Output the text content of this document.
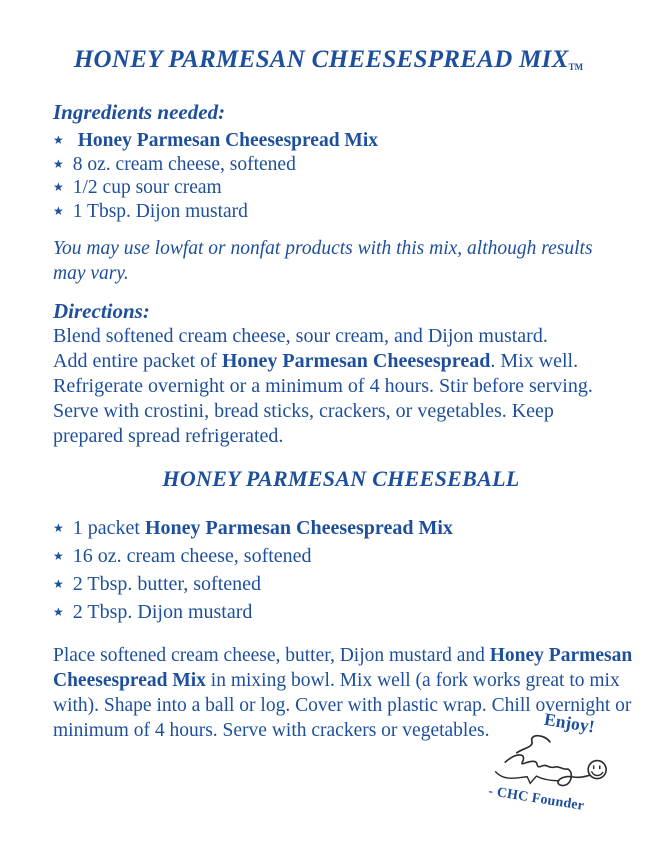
HONEY PARMESAN CHEESESPREAD $MIX_{TM}$
Ingredients needed:
★ Honey Parmesan Cheesespread Mix
★ 8 oz. cream cheese, softened
★ 1/2 cup sour cream
★ 1 Tbsp. Dijon mustard
You may use lowfat or nonfat products with this mix, although results
may vary.
Directions:
Blend softened cream cheese, sour cream, and Dijon mustard.
Add entire packet of Honey Parmesan Cheesespread. Mix well.
Refrigerate overnight or a minimum of 4 hours. Stir before serving.
Serve with crostini, bread sticks, crackers, or vegetables. Keep
prepared spread refrigerated.
HONEY PARMESAN CHEESEBALL
★ 1 packet Honey Parmesan Cheesespread Mix
★ 16 oz. cream cheese, softened
★ 2 Tbsp. butter, softened
★ 2 Tbsp. Dijon mustard
Place softened cream cheese, butter, Dijon mustard and Honey Parmesan
Cheesespread Mix in mixing bowl. Mix well (a fork works great to mix
with). Shape into a ball or log. Cover with plastic wrap. Chill overnight or
minimum of 4 hours. Serve with crackers or vegetables.	Enjoy!
- CHC Founder
